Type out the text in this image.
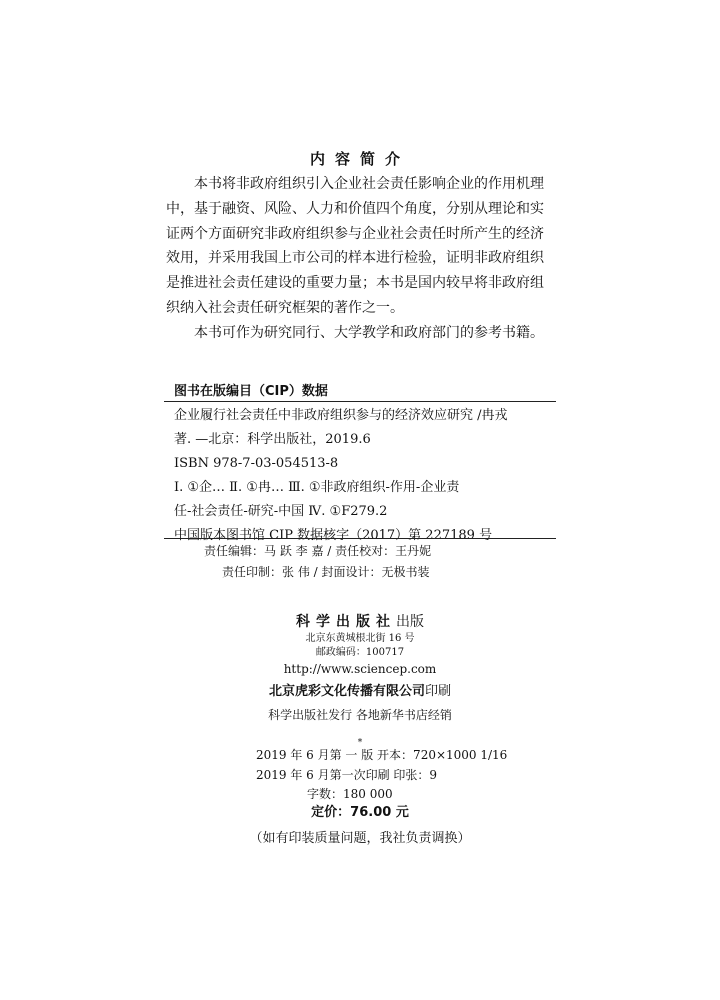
内容简介

本书将非政府组织引入企业社会责任影响企业的作用机理中，基于融资、风险、人力和价值四个角度，分别从理论和实证两个方面研究非政府组织参与企业社会责任时所产生的经济效用，并采用我国上市公司的样本进行检验，证明非政府组织是推进社会责任建设的重要力量；本书是国内较早将非政府组织纳入社会责任研究框架的著作之一。

本书可作为研究同行、大学教学和政府部门的参考书籍。

图书在版编目（CIP）数据
企业履行社会责任中非政府组织参与的经济效应研究 /冉戎
著. —北京：科学出版社，2019.6
ISBN 978-7-03-054513-8
Ⅰ. ①企… Ⅱ. ①冉… Ⅲ. ①非政府组织-作用-企业责
任-社会责任-研究-中国 Ⅳ. ①F279.2
中国版本图书馆 CIP 数据核字（2017）第 227189 号
责任编辑：马 跃 李 嘉 / 责任校对：王丹妮
责任印制：张 伟 / 封面设计：无极书装
科学出版社出版
北京东黄城根北街 16 号
邮政编码：100717
http://www.sciencep.com
北京虎彩文化传播有限公司印刷
科学出版社发行 各地新华书店经销
*
2019 年 6 月第 一 版 开本：720×1000 1/16
2019 年 6 月第一次印刷 印张：9
字数：180 000
定价：76.00 元
（如有印装质量问题，我社负责调换）
